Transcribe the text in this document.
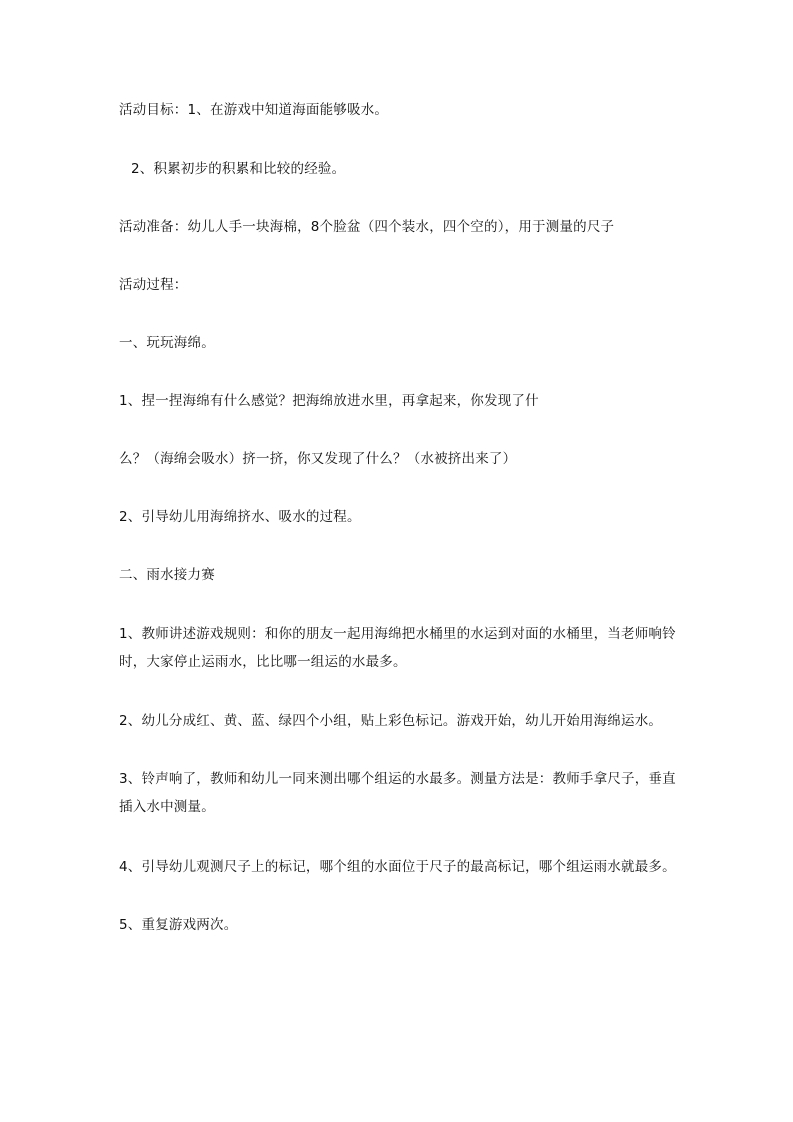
活动目标：1、在游戏中知道海面能够吸水。
2、积累初步的积累和比较的经验。
活动准备：幼儿人手一块海棉，8个脸盆（四个装水，四个空的），用于测量的尺子
活动过程：
一、玩玩海绵。
1、捏一捏海绵有什么感觉？把海绵放进水里，再拿起来，你发现了什
么？（海绵会吸水）挤一挤，你又发现了什么？（水被挤出来了）
2、引导幼儿用海绵挤水、吸水的过程。
二、雨水接力赛
1、教师讲述游戏规则：和你的朋友一起用海绵把水桶里的水运到对面的水桶里，当老师响铃时，大家停止运雨水，比比哪一组运的水最多。
2、幼儿分成红、黄、蓝、绿四个小组，贴上彩色标记。游戏开始，幼儿开始用海绵运水。
3、铃声响了，教师和幼儿一同来测出哪个组运的水最多。测量方法是：教师手拿尺子，垂直插入水中测量。
4、引导幼儿观测尺子上的标记，哪个组的水面位于尺子的最高标记，哪个组运雨水就最多。
5、重复游戏两次。
